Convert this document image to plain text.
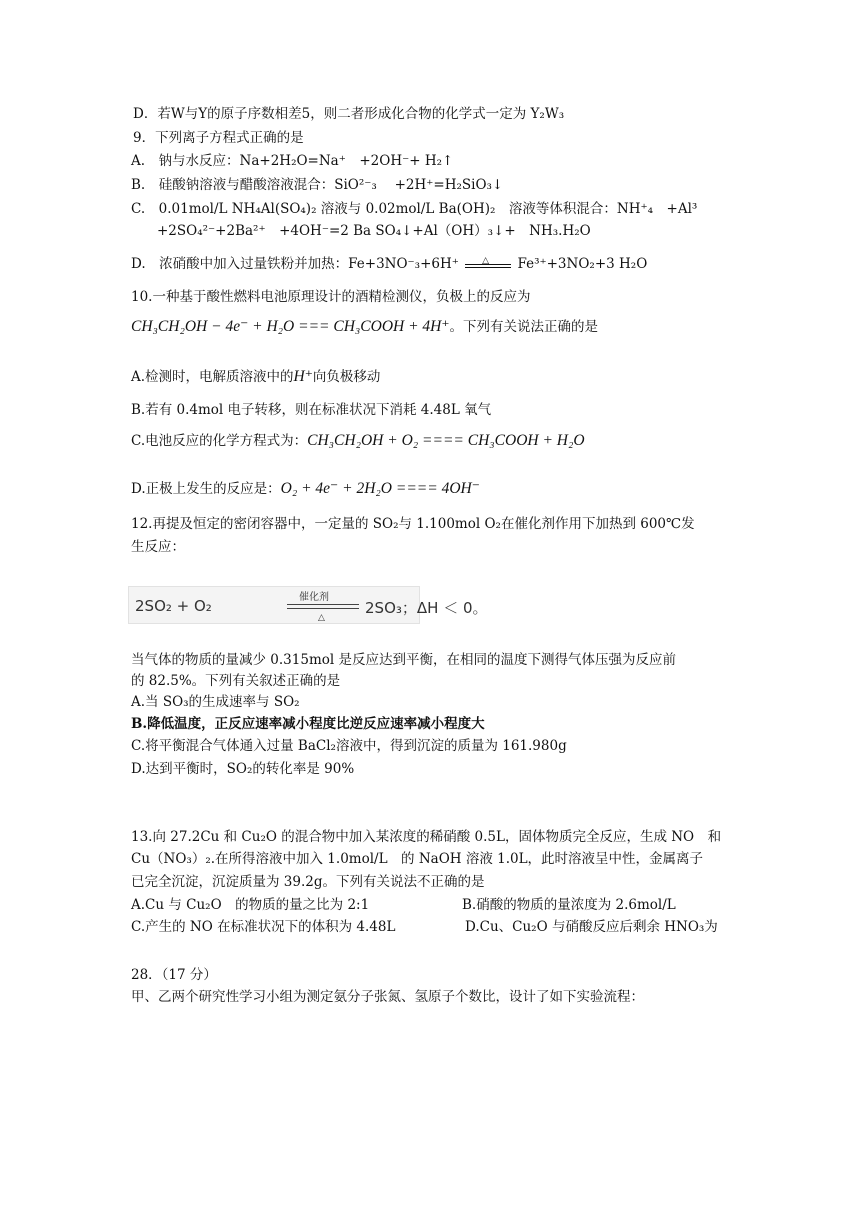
D．若W与Y的原子序数相差5，则二者形成化合物的化学式一定为 Y₂W₃
9．下列离子方程式正确的是
A.　钠与水反应：Na+2H₂O=Na⁺　+2OH⁻+ H₂↑
B.　硅酸钠溶液与醋酸溶液混合：SiO²⁻₃　 +2H⁺=H₂SiO₃↓
C.　0.01mol/L NH₄Al(SO₄)₂ 溶液与 0.02mol/L Ba(OH)₂　溶液等体积混合：NH⁺₄　+Al³
+2SO₄²⁻+2Ba²⁺　+4OH⁻=2 Ba SO₄↓+Al（OH）₃↓+　NH₃.H₂O
D.　浓硝酸中加入过量铁粉并加热：Fe+3NO⁻₃+6H⁺	△ Fe³⁺+3NO₂+3 H₂O
10.一种基于酸性燃料电池原理设计的酒精检测仪，负极上的反应为
CH₃CH₂OH − 4e⁻ + H₂O === CH₃COOH + 4H⁺。下列有关说法正确的是
A.检测时，电解质溶液中的H⁺向负极移动
B.若有 0.4mol 电子转移，则在标准状况下消耗 4.48L 氧气
C.电池反应的化学方程式为：CH₃CH₂OH + O₂ ==== CH₃COOH + H₂O
D.正极上发生的反应是：O₂ + 4e⁻ + 2H₂O ==== 4OH⁻
12.再提及恒定的密闭容器中，一定量的 SO₂与 1.100mol O₂在催化剂作用下加热到 600℃发
生反应：
2SO₂ + O₂	催化剂
△
2SO₃；ΔH ＜ 0。
当气体的物质的量减少 0.315mol 是反应达到平衡，在相同的温度下测得气体压强为反应前
的 82.5%。下列有关叙述正确的是
A.当 SO₃的生成速率与 SO₂
B.降低温度，正反应速率减小程度比逆反应速率减小程度大
C.将平衡混合气体通入过量 BaCl₂溶液中，得到沉淀的质量为 161.980g
D.达到平衡时，SO₂的转化率是 90%
13.向 27.2Cu 和 Cu₂O 的混合物中加入某浓度的稀硝酸 0.5L，固体物质完全反应，生成 NO　和
Cu（NO₃）₂.在所得溶液中加入 1.0mol/L　的 NaOH 溶液 1.0L，此时溶液呈中性，金属离子
已完全沉淀，沉淀质量为 39.2g。下列有关说法不正确的是
A.Cu 与 Cu₂O　的物质的量之比为 2:1	B.硝酸的物质的量浓度为 2.6mol/L
C.产生的 NO 在标准状况下的体积为 4.48L	D.Cu、Cu₂O 与硝酸反应后剩余 HNO₃为
28．（17 分）
甲、乙两个研究性学习小组为测定氨分子张氮、氢原子个数比，设计了如下实验流程：
